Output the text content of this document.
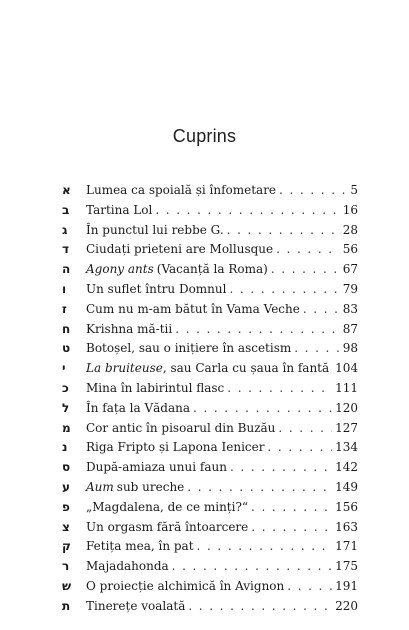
Cuprins
א	Lumea ca spoială și înfometare . . .	5
ב	Tartina Lol . . .	16
ג	În punctul lui rebbe G. . . .	28
ד	Ciudați prieteni are Mollusque . . .	56
ה	Agony ants (Vacanță la Roma) . . .	67
ו	Un suflet întru Domnul . . .	79
ז	Cum nu m-am bătut în Vama Veche . . .	83
ח	Krishna mă-tii . . .	87
ט	Botoșel, sau o inițiere în ascetism . . .	98
י	La bruiteuse , sau Carla cu șaua în fantă 104
כ	Mina în labirintul flasc . . .	111
ל	În fața la Vădana . . .	120
מ	Cor antic în pisoarul din Buzău . . .	127
נ	Riga Fripto și Lapona Ienicer . . .	134
ס	După-amiaza unui faun . . .	142
ע	Aum sub ureche . . .	149
פ	„Magdalena, de ce minți?“ . . .	156
צ	Un orgasm fără întoarcere . . .	163
ק	Fetița mea, în pat . . .	171
ר	Majadahonda . . .	175
ש	O proiecție alchimică în Avignon . . .	191
ת	Tinerețe voalată . . .	220
